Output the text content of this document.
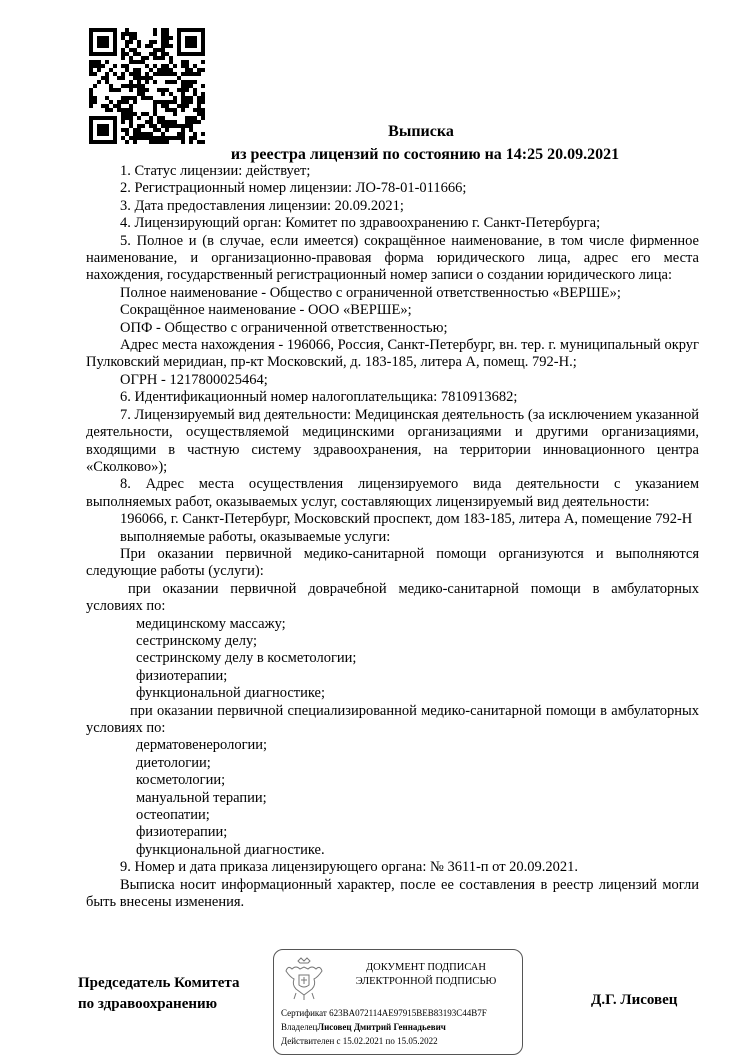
Выписка
из реестра лицензий по состоянию на 14:25 20.09.2021

1. Статус лицензии: действует;

2. Регистрационный номер лицензии: ЛО-78-01-011666;

3. Дата предоставления лицензии: 20.09.2021;

4. Лицензирующий орган: Комитет по здравоохранению г. Санкт-Петербурга;

5. Полное и (в случае, если имеется) сокращённое наименование, в том числе фирменное наименование, и организационно-правовая форма юридического лица, адрес его места нахождения, государственный регистрационный номер записи о создании юридического лица:

Полное наименование - Общество с ограниченной ответственностью «ВЕРШЕ»;

Сокращённое наименование - ООО «ВЕРШЕ»;

ОПФ - Общество с ограниченной ответственностью;

Адрес места нахождения - 196066, Россия, Санкт-Петербург, вн. тер. г. муниципальный округ Пулковский меридиан, пр-кт Московский, д. 183-185, литера А, помещ. 792-Н.;

ОГРН - 1217800025464;

6. Идентификационный номер налогоплательщика: 7810913682;

7. Лицензируемый вид деятельности: Медицинская деятельность (за исключением указанной деятельности, осуществляемой медицинскими организациями и другими организациями, входящими в частную систему здравоохранения, на территории инновационного центра «Сколково»);

8. Адрес места осуществления лицензируемого вида деятельности с указанием выполняемых работ, оказываемых услуг, составляющих лицензируемый вид деятельности:

196066, г. Санкт-Петербург, Московский проспект, дом 183-185, литера А, помещение 792-Н

выполняемые работы, оказываемые услуги:

При оказании первичной медико-санитарной помощи организуются и выполняются следующие работы (услуги):

при оказании первичной доврачебной медико-санитарной помощи в амбулаторных условиях по:

медицинскому массажу;

сестринскому делу;

сестринскому делу в косметологии;

физиотерапии;

функциональной диагностике;

при оказании первичной специализированной медико-санитарной помощи в амбулаторных условиях по:

дерматовенерологии;

диетологии;

косметологии;

мануальной терапии;

остеопатии;

физиотерапии;

функциональной диагностике.

9. Номер и дата приказа лицензирующего органа: № 3611-п от 20.09.2021.

Выписка носит информационный характер, после ее составления в реестр лицензий могли быть внесены изменения.

Председатель Комитета
по здравоохранению	Д.Г. Лисовец
ДОКУМЕНТ ПОДПИСАН
ЭЛЕКТРОННОЙ ПОДПИСЬЮ
Сертификат 623BA072114AE97915BEB83193C44B7F
ВладелецЛисовец Дмитрий Геннадьевич
Действителен с 15.02.2021 по 15.05.2022
